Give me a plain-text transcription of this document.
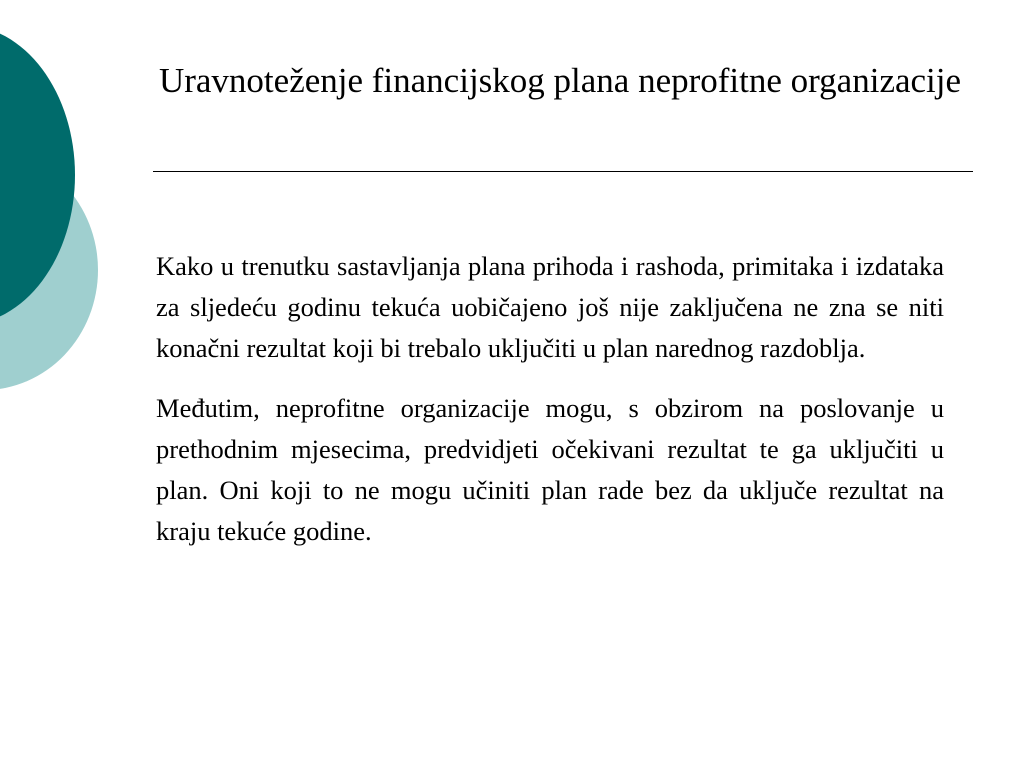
Uravnoteženje financijskog plana neprofitne organizacije

Kako u trenutku sastavljanja plana prihoda i rashoda, primitaka i izdataka za sljedeću godinu tekuća uobičajeno još nije zaključena ne zna se niti konačni rezultat koji bi trebalo uključiti u plan narednog razdoblja.

Međutim, neprofitne organizacije mogu, s obzirom na poslovanje u prethodnim mjesecima, predvidjeti očekivani rezultat te ga uključiti u plan. Oni koji to ne mogu učiniti plan rade bez da uključe rezultat na kraju tekuće godine.
